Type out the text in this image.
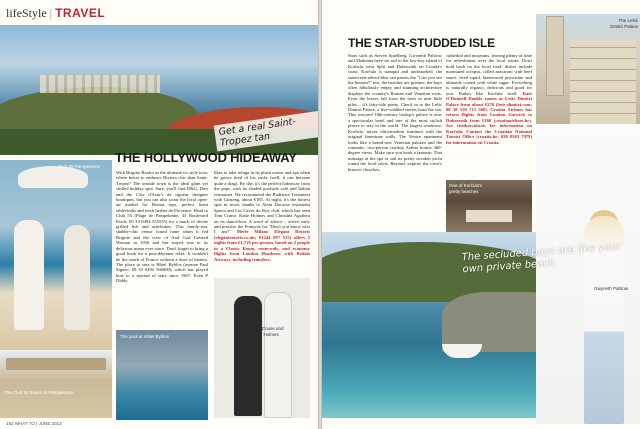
lifeStyle | TRAVEL
Get a real Saint-Tropez tan
THE HOLLYWOOD HIDEAWAY
Club 55 Pampelonne
With Brigitte Bardot as the ultimate s/s style icon, where better to embrace Riviera chic than Saint-Tropez? The seaside town is the ideal glam yet chilled holiday spot. Sure, you'll find D&G, Dior and the Côte d'Azur's de rigueur designer boutiques, but you can also scour the local open-air market for Breton tops, perfect linen tablecloths and fresh herbes de Provence. Head to Club 55 (Plage de Pampelonne, 43 Boulevard Patch; 00 33 0494 555555) for a lunch of divine grilled fish and artichokes. This family-run, shabby-chic venue found fame when it fed Brigitte and the crew of And God Created Woman in 1956 and has stayed true to its delicious menu ever since. Don't forget to bring a good book for a post-déjeuner relax. It wouldn't be the south of France without a dose of history. The place to stay is Hôtel Byblos (avenue Paul Signac; 00 33 0494 566800), which has played host to a myriad of stars since 1967. Even P Diddy
likes to take refuge in its plush rooms and spa when he grows tired of his yacht (well, it can become quite a drag). By day, it's the perfect hideaway from the paps, with its shaded poolside café and Italian restaurant. We recommend the Radiance Treatment with Ginseng, about €185. At night, it's the hottest spot in town, thanks to Alain Ducasse restaurant Spoon and Les Caves du Roy club, which has seen Tom Cruise, Katie Holmes and Christina Aguilera on its dancefloor. A word of advice – arrive early and practise the François for "Don't you know who I am?" Merle Milano Elegant Resorts (elegantresorts.co.uk; 01244 897 515) offers 5 nights from £1,710 per person, based on 2 people in a Classic Room, room-only, and economy flights from London Heathrow with British Airways, including transfers.
Tom Cruise and Katie Holmes
The pool at Hôtel Byblos
The Club 55 beach at Pampelonne
192 WHAT TO | JUNE 2013
THE STAR-STUDDED ISLE
Stars such as Steven Spielberg, Gwyneth Paltrow and Madonna have set sail to the low-key island of Korčula, near Split and Dubrovnik on Croatia's coast. Korčula is tranquil and undisturbed, the sunscreen-advert-blue sea passes the "Can you see the bottom?" test, the beaches are pristine, the bays often fabulously empty and stunning architecture displays the country's Roman and Venetian roots. Even the leaves fall from the trees in neat little piles – it's fairy-tale pretty. Check in to the Lešić Dimitri Palace, a five-cobbled streets from the sea. This restored 18th-century bishop's palace is now a spectacular hotel and one of the most stylish places to stay in the world. The largest residence, Korčula, mixes ultra-modern furniture with the original limestone walls. The Venice apartment looks like a brand-new Venetian palazzo and the romantic, two-person rooftop Arabia boasts 360-degree views. Make sure you book a fantastic Thai massage at the spa or sail its pretty wooden yacht round the local islets. Beyond, explore the town's historic churches,
cathedral and museums, leaving plenty of time for refreshment over the local wines. Don't hold back on the local food: dishes include marinated octopus, rolled macaroni with beef sauce, fried squid, homecured prosciutto and almonds coated with white sugar. Everything is naturally organic, delicious and good for you. Rather like Korčula itself. Kate O'Donnell Double rooms at Lešić Dimitri Palace from about €276 (lesic-dimitri.com; 00 38 520 715 560). Croatia Airlines has return flights from London Gatwick to Dubrovnik from £160 (croatiaairlines.hr). See visitkorcula.eu for information on Korčula. Contact the Croatian National Tourist Office (croatia.hr; 020 8563 7979) for information on Croatia.
One of Korčula's pretty beaches
The Lešić Dimitri Palace
Gwyneth Paltrow
The secluded bays are like your own private beach
